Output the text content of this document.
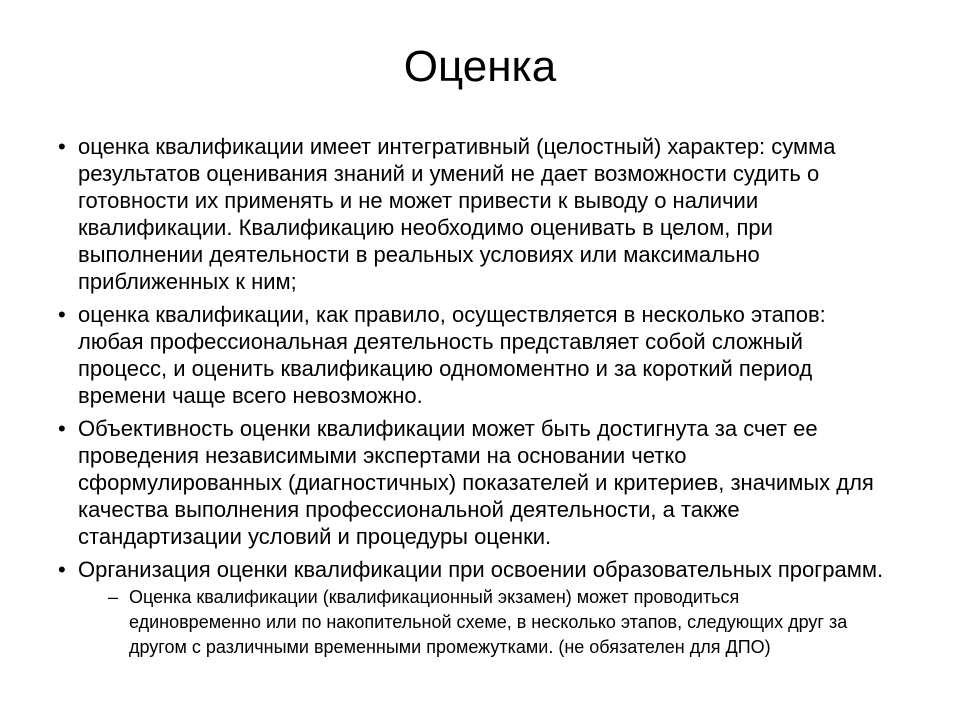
Оценка
• оценка квалификации имеет интегративный (целостный) характер: сумма
результатов оценивания знаний и умений не дает возможности судить о
готовности их применять и не может привести к выводу о наличии
квалификации. Квалификацию необходимо оценивать в целом, при
выполнении деятельности в реальных условиях или максимально
приближенных к ним;
• оценка квалификации, как правило, осуществляется в несколько этапов:
любая профессиональная деятельность представляет собой сложный
процесс, и оценить квалификацию одномоментно и за короткий период
времени чаще всего невозможно.
• Объективность оценки квалификации может быть достигнута за счет ее
проведения независимыми экспертами на основании четко
сформулированных (диагностичных) показателей и критериев, значимых для
качества выполнения профессиональной деятельности, а также
стандартизации условий и процедуры оценки.
• Организация оценки квалификации при освоении образовательных программ.
– Оценка квалификации (квалификационный экзамен) может проводиться
единовременно или по накопительной схеме, в несколько этапов, следующих друг за
другом с различными временными промежутками. (не обязателен для ДПО)
